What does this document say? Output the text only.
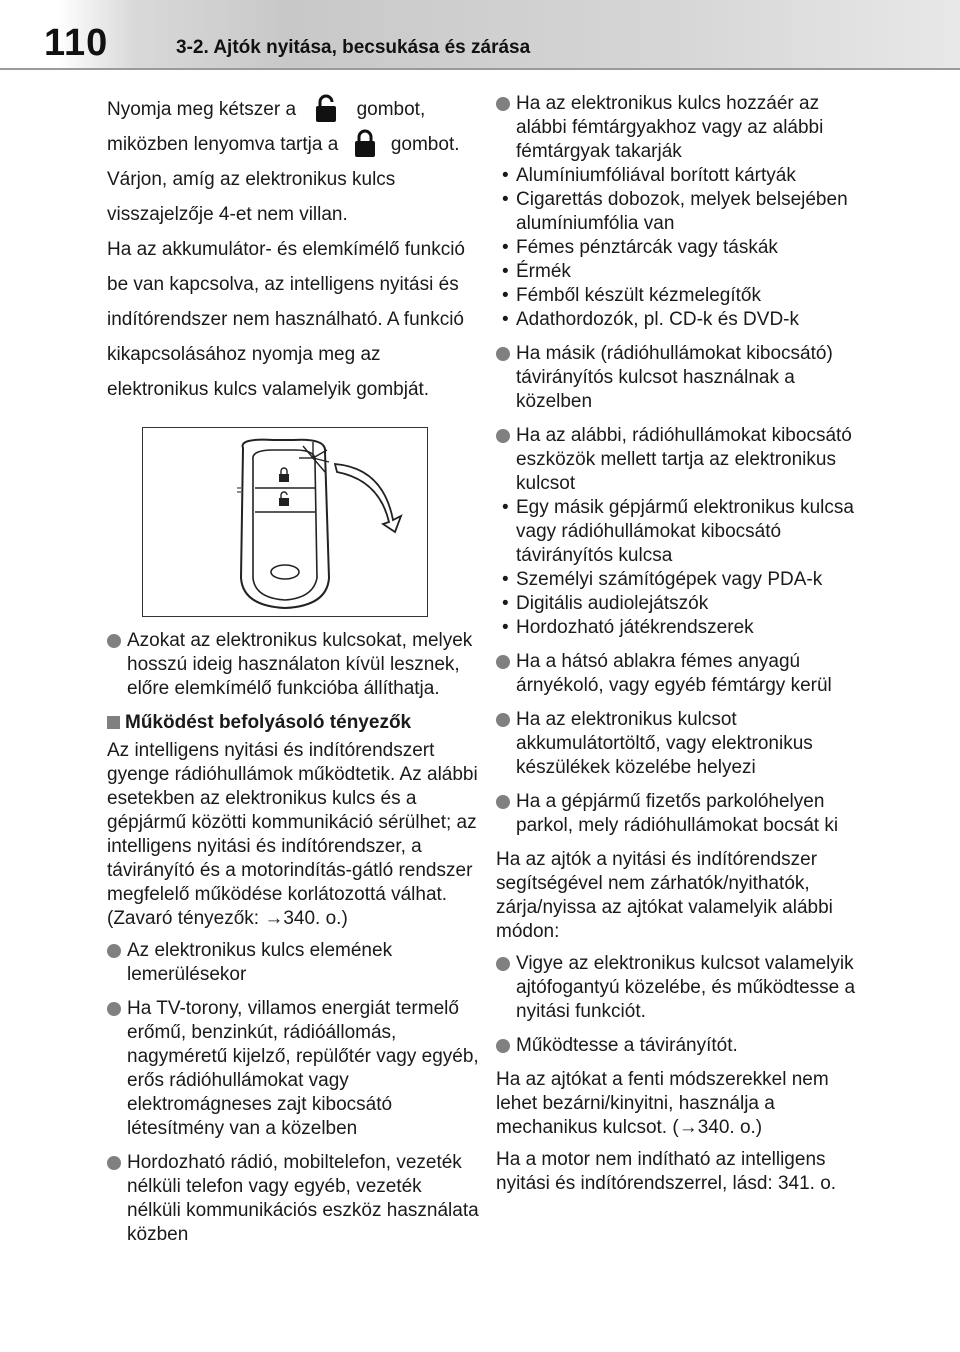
110	3-2. Ajtók nyitása, becsukása és zárása
Nyomja meg kétszer a	gombot,
miközben lenyomva tartja a	gombot.
Várjon, amíg az elektronikus kulcs visszajelzője 4-et nem villan.
Ha az akkumulátor- és elemkímélő funkció be van kapcsolva, az intelligens nyitási és indítórendszer nem használható. A funkció kikapcsolásához nyomja meg az elektronikus kulcs valamelyik gombját.
Azokat az elektronikus kulcsokat, melyek hosszú ideig használaton kívül lesznek, előre elemkímélő funkcióba állíthatja.
Működést befolyásoló tényezők
Az intelligens nyitási és indítórendszert gyenge rádióhullámok működtetik. Az alábbi esetekben az elektronikus kulcs és a gépjármű közötti kommunikáció sérülhet; az intelligens nyitási és indítórendszer, a távirányító és a motorindítás-gátló rendszer megfelelő működése korlátozottá válhat. (Zavaró tényezők: →340. o.)
Az elektronikus kulcs elemének lemerülésekor
Ha TV-torony, villamos energiát termelő erőmű, benzinkút, rádióállomás, nagyméretű kijelző, repülőtér vagy egyéb, erős rádióhullámokat vagy elektromágneses zajt kibocsátó létesítmény van a közelben
Hordozható rádió, mobiltelefon, vezeték nélküli telefon vagy egyéb, vezeték nélküli kommunikációs eszköz használata közben
Ha az elektronikus kulcs hozzáér az alábbi fémtárgyakhoz vagy az alábbi fémtárgyak takarják
• Alumíniumfóliával borított kártyák
• Cigarettás dobozok, melyek belsejében alumíniumfólia van
• Fémes pénztárcák vagy táskák
• Érmék
• Fémből készült kézmelegítők
• Adathordozók, pl. CD-k és DVD-k
Ha másik (rádióhullámokat kibocsátó) távirányítós kulcsot használnak a közelben
Ha az alábbi, rádióhullámokat kibocsátó eszközök mellett tartja az elektronikus kulcsot
• Egy másik gépjármű elektronikus kulcsa vagy rádióhullámokat kibocsátó távirányítós kulcsa
• Személyi számítógépek vagy PDA-k
• Digitális audiolejátszók
• Hordozható játékrendszerek
Ha a hátsó ablakra fémes anyagú árnyékoló, vagy egyéb fémtárgy kerül
Ha az elektronikus kulcsot akkumulátortöltő, vagy elektronikus készülékek közelébe helyezi
Ha a gépjármű fizetős parkolóhelyen parkol, mely rádióhullámokat bocsát ki
Ha az ajtók a nyitási és indítórendszer segítségével nem zárhatók/nyithatók, zárja/nyissa az ajtókat valamelyik alábbi módon:
Vigye az elektronikus kulcsot valamelyik ajtófogantyú közelébe, és működtesse a nyitási funkciót.
Működtesse a távirányítót.
Ha az ajtókat a fenti módszerekkel nem lehet bezárni/kinyitni, használja a mechanikus kulcsot. (→340. o.)
Ha a motor nem indítható az intelligens nyitási és indítórendszerrel, lásd: 341. o.
